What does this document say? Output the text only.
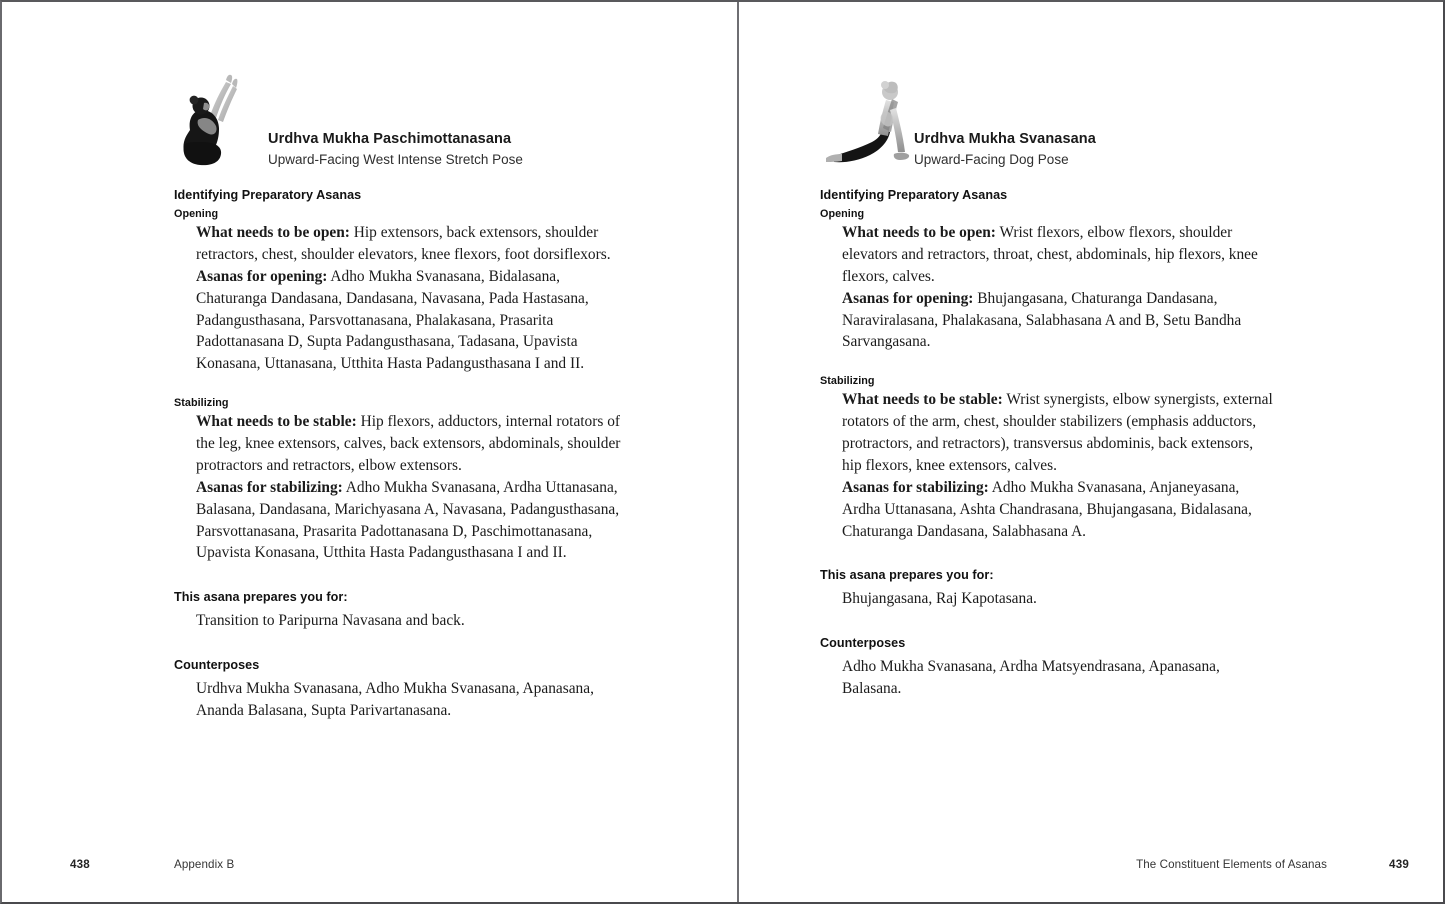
Urdhva Mukha Paschimottanasana
Upward-Facing West Intense Stretch Pose
Identifying Preparatory Asanas
Opening

What needs to be open: Hip extensors, back extensors, shoulder retractors, chest, shoulder elevators, knee flexors, foot dorsiflexors.

Asanas for opening: Adho Mukha Svanasana, Bidalasana, Chaturanga Dandasana, Dandasana, Navasana, Pada Hastasana, Padangusthasana, Parsvottanasana, Phalakasana, Prasarita Padottanasana D, Supta Padangusthasana, Tadasana, Upavista Konasana, Uttanasana, Utthita Hasta Padangusthasana I and II.

Stabilizing

What needs to be stable: Hip flexors, adductors, internal rotators of the leg, knee extensors, calves, back extensors, abdominals, shoulder protractors and retractors, elbow extensors.

Asanas for stabilizing: Adho Mukha Svanasana, Ardha Uttanasana, Balasana, Dandasana, Marichyasana A, Navasana, Padangusthasana, Parsvottanasana, Prasarita Padottanasana D, Paschimottanasana, Upavista Konasana, Utthita Hasta Padangusthasana I and II.

This asana prepares you for:

Transition to Paripurna Navasana and back.

Counterposes

Urdhva Mukha Svanasana, Adho Mukha Svanasana, Apanasana, Ananda Balasana, Supta Parivartanasana.

438	Appendix B
Urdhva Mukha Svanasana
Upward-Facing Dog Pose
Identifying Preparatory Asanas
Opening

What needs to be open: Wrist flexors, elbow flexors, shoulder elevators and retractors, throat, chest, abdominals, hip flexors, knee flexors, calves.

Asanas for opening: Bhujangasana, Chaturanga Dandasana, Naraviralasana, Phalakasana, Salabhasana A and B, Setu Bandha Sarvangasana.

Stabilizing

What needs to be stable: Wrist synergists, elbow synergists, external rotators of the arm, chest, shoulder stabilizers (emphasis adductors, protractors, and retractors), transversus abdominis, back extensors, hip flexors, knee extensors, calves.

Asanas for stabilizing: Adho Mukha Svanasana, Anjaneyasana, Ardha Uttanasana, Ashta Chandrasana, Bhujangasana, Bidalasana, Chaturanga Dandasana, Salabhasana A.

This asana prepares you for:

Bhujangasana, Raj Kapotasana.

Counterposes

Adho Mukha Svanasana, Ardha Matsyendrasana, Apanasana, Balasana.

The Constituent Elements of Asanas	439
